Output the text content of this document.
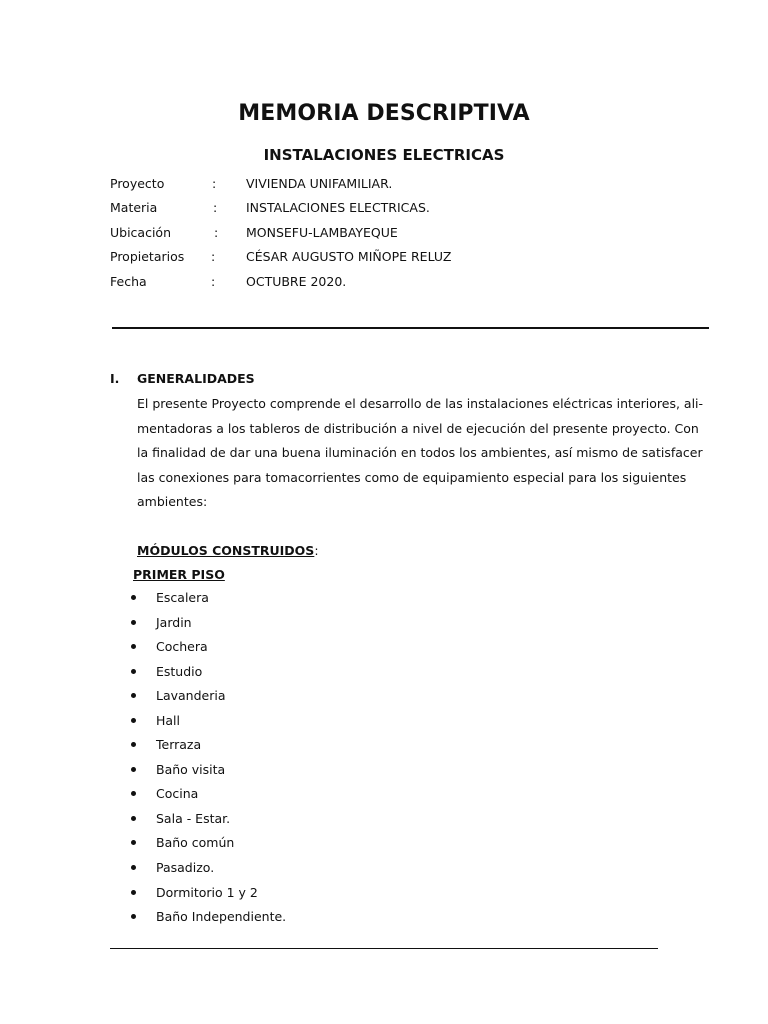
MEMORIA DESCRIPTIVA
INSTALACIONES ELECTRICAS
Proyecto	: VIVIENDA UNIFAMILIAR.
Materia	: INSTALACIONES ELECTRICAS.
Ubicación	: MONSEFU-LAMBAYEQUE
Propietarios : CÉSAR AUGUSTO MIÑOPE RELUZ
Fecha	: OCTUBRE 2020.
I. GENERALIDADES
El presente Proyecto comprende el desarrollo de las instalaciones eléctricas interiores, ali-
mentadoras a los tableros de distribución a nivel de ejecución del presente proyecto. Con
la finalidad de dar una buena iluminación en todos los ambientes, así mismo de satisfacer
las conexiones para tomacorrientes como de equipamiento especial para los siguientes
ambientes:
MÓDULOS CONSTRUIDOS:
PRIMER PISO
Escalera
Jardin
Cochera
Estudio
Lavanderia
Hall
Terraza
Baño visita
Cocina
Sala - Estar.
Baño común
Pasadizo.
Dormitorio 1 y 2
Baño Independiente.
